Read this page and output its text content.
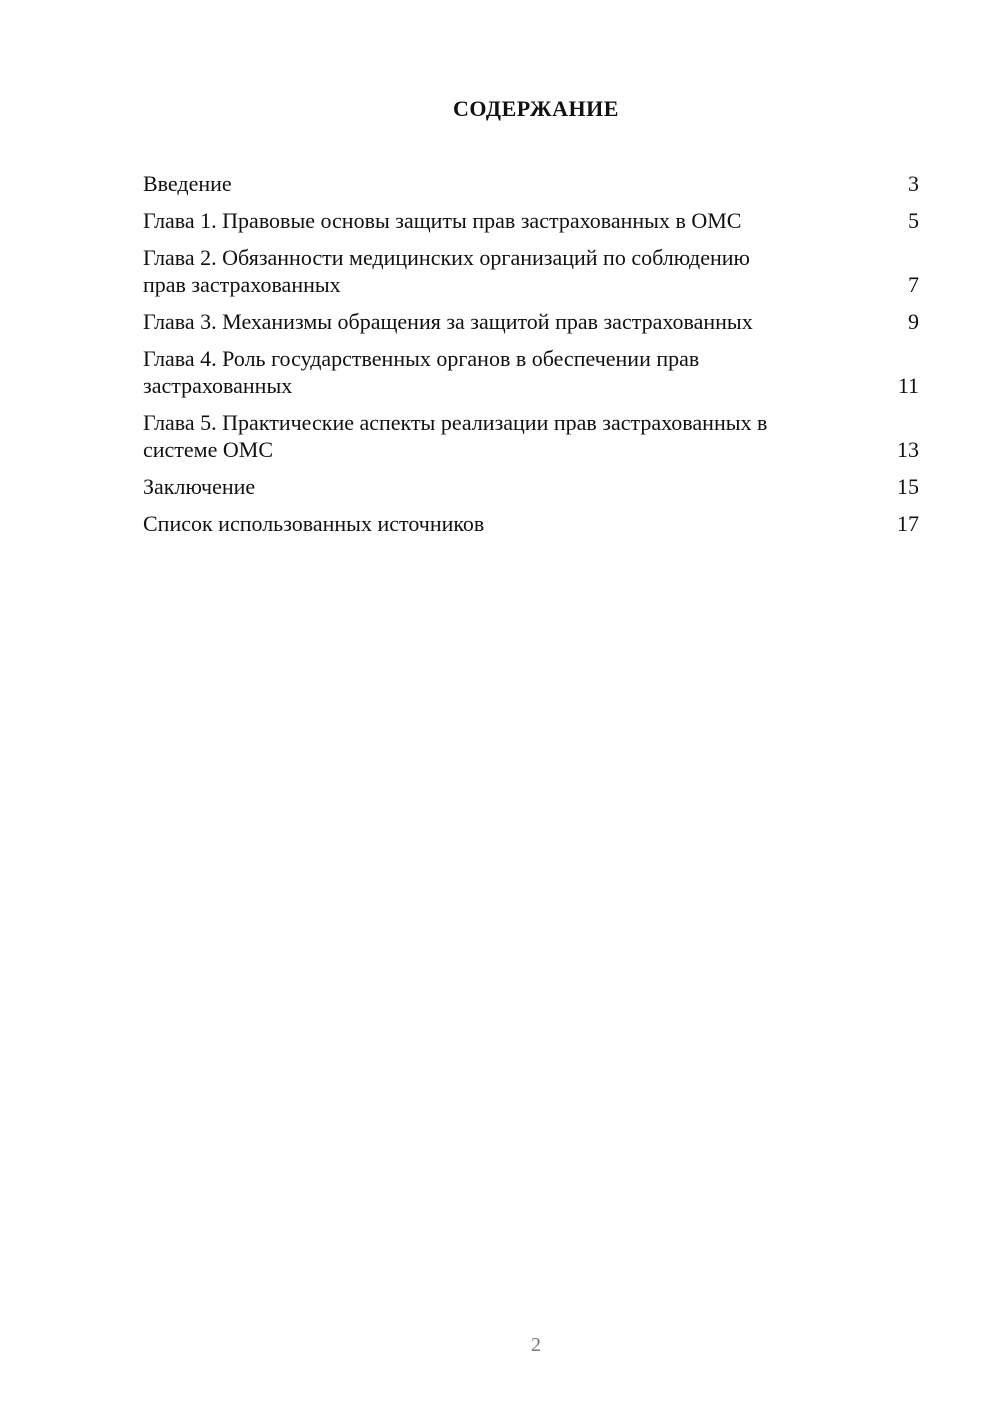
СОДЕРЖАНИЕ
Введение	3
Глава 1. Правовые основы защиты прав застрахованных в ОМС	5
Глава 2. Обязанности медицинских организаций по соблюдению прав застрахованных	7
Глава 3. Механизмы обращения за защитой прав застрахованных	9
Глава 4. Роль государственных органов в обеспечении прав застрахованных	11
Глава 5. Практические аспекты реализации прав застрахованных в системе ОМС	13
Заключение	15
Список использованных источников	17
2
